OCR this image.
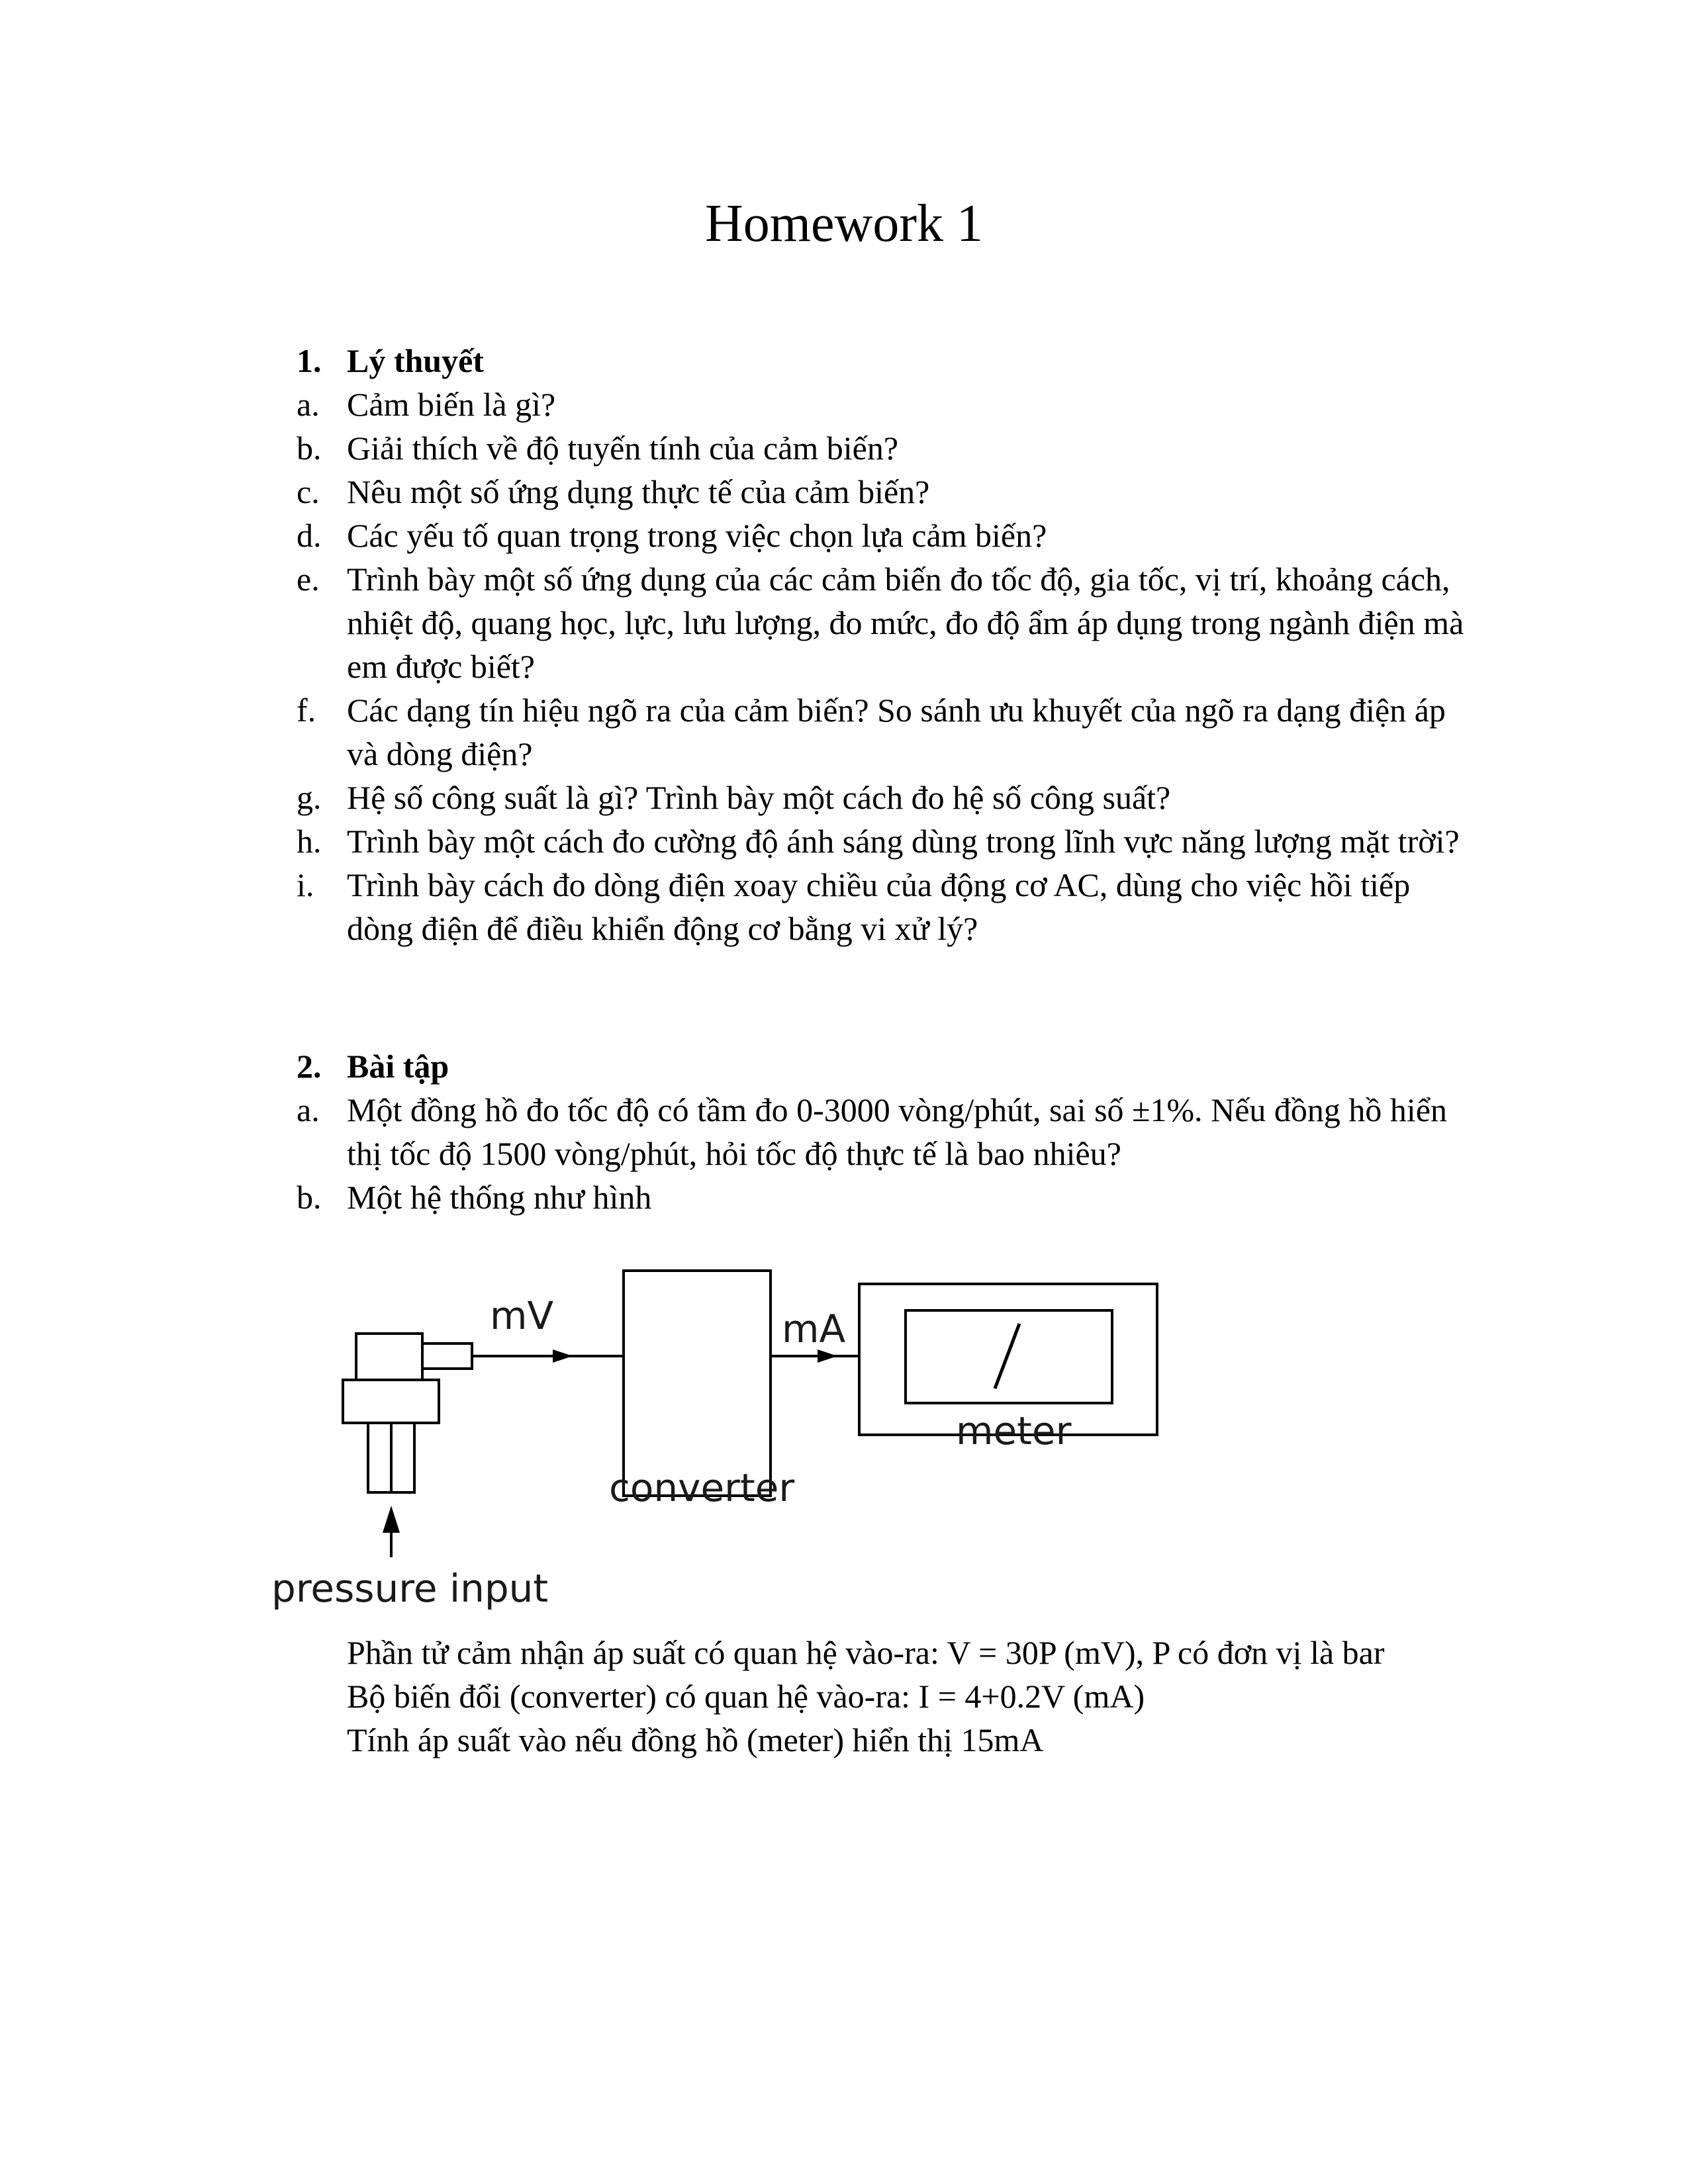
Homework 1
1. Lý thuyết
a. Cảm biến là gì?
b. Giải thích về độ tuyến tính của cảm biến?
c. Nêu một số ứng dụng thực tế của cảm biến?
d. Các yếu tố quan trọng trong việc chọn lựa cảm biến?
e. Trình bày một số ứng dụng của các cảm biến đo tốc độ, gia tốc, vị trí, khoảng cách, nhiệt độ, quang học, lực, lưu lượng, đo mức, đo độ ẩm áp dụng trong ngành điện mà em được biết?
f. Các dạng tín hiệu ngõ ra của cảm biến? So sánh ưu khuyết của ngõ ra dạng điện áp và dòng điện?
g. Hệ số công suất là gì? Trình bày một cách đo hệ số công suất?
h. Trình bày một cách đo cường độ ánh sáng dùng trong lĩnh vực năng lượng mặt trời?
i. Trình bày cách đo dòng điện xoay chiều của động cơ AC, dùng cho việc hồi tiếp dòng điện để điều khiển động cơ bằng vi xử lý?
2. Bài tập
a. Một đồng hồ đo tốc độ có tầm đo 0-3000 vòng/phút, sai số ±1%. Nếu đồng hồ hiển thị tốc độ 1500 vòng/phút, hỏi tốc độ thực tế là bao nhiêu?
b. Một hệ thống như hình
mV	mA
meter
converter
pressure input

Phần tử cảm nhận áp suất có quan hệ vào-ra: V = 30P (mV), P có đơn vị là bar

Bộ biến đổi (converter) có quan hệ vào-ra: I = 4+0.2V (mA)

Tính áp suất vào nếu đồng hồ (meter) hiển thị 15mA
